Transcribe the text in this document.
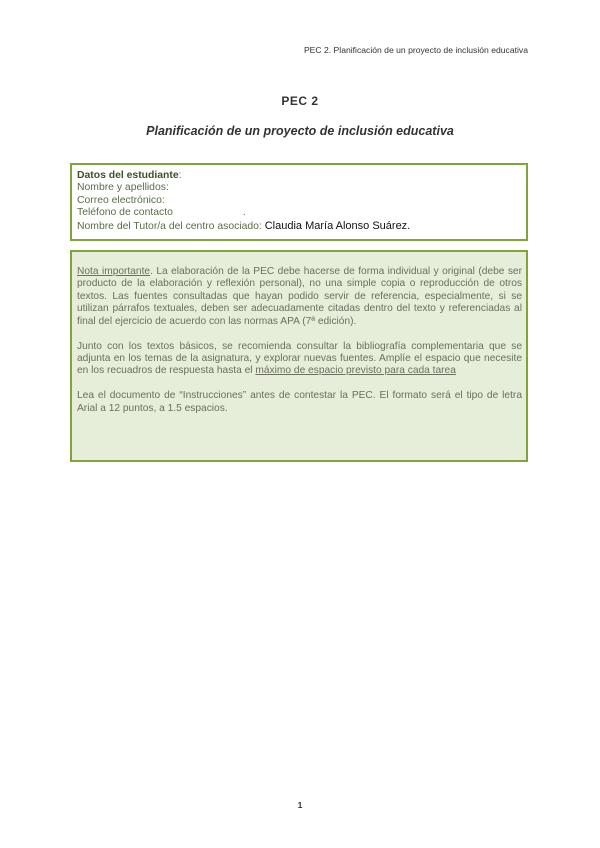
PEC 2. Planificación de un proyecto de inclusión educativa
PEC 2
Planificación de un proyecto de inclusión educativa
Datos del estudiante:
Nombre y apellidos:
Correo electrónico:
Teléfono de contacto	.
Nombre del Tutor/a del centro asociado: Claudia María Alonso Suárez.

Nota importante. La elaboración de la PEC debe hacerse de forma individual y original (debe ser producto de la elaboración y reflexión personal), no una simple copia o reproducción de otros textos. Las fuentes consultadas que hayan podido servir de referencia, especialmente, si se utilizan párrafos textuales, deben ser adecuadamente citadas dentro del texto y referenciadas al final del ejercicio de acuerdo con las normas APA (7ª edición).

Junto con los textos básicos, se recomienda consultar la bibliografía complementaria que se adjunta en los temas de la asignatura, y explorar nuevas fuentes. Amplíe el espacio que necesite en los recuadros de respuesta hasta el máximo de espacio previsto para cada tarea

Lea el documento de “Instrucciones” antes de contestar la PEC. El formato será el tipo de letra Arial a 12 puntos, a 1.5 espacios.

1
